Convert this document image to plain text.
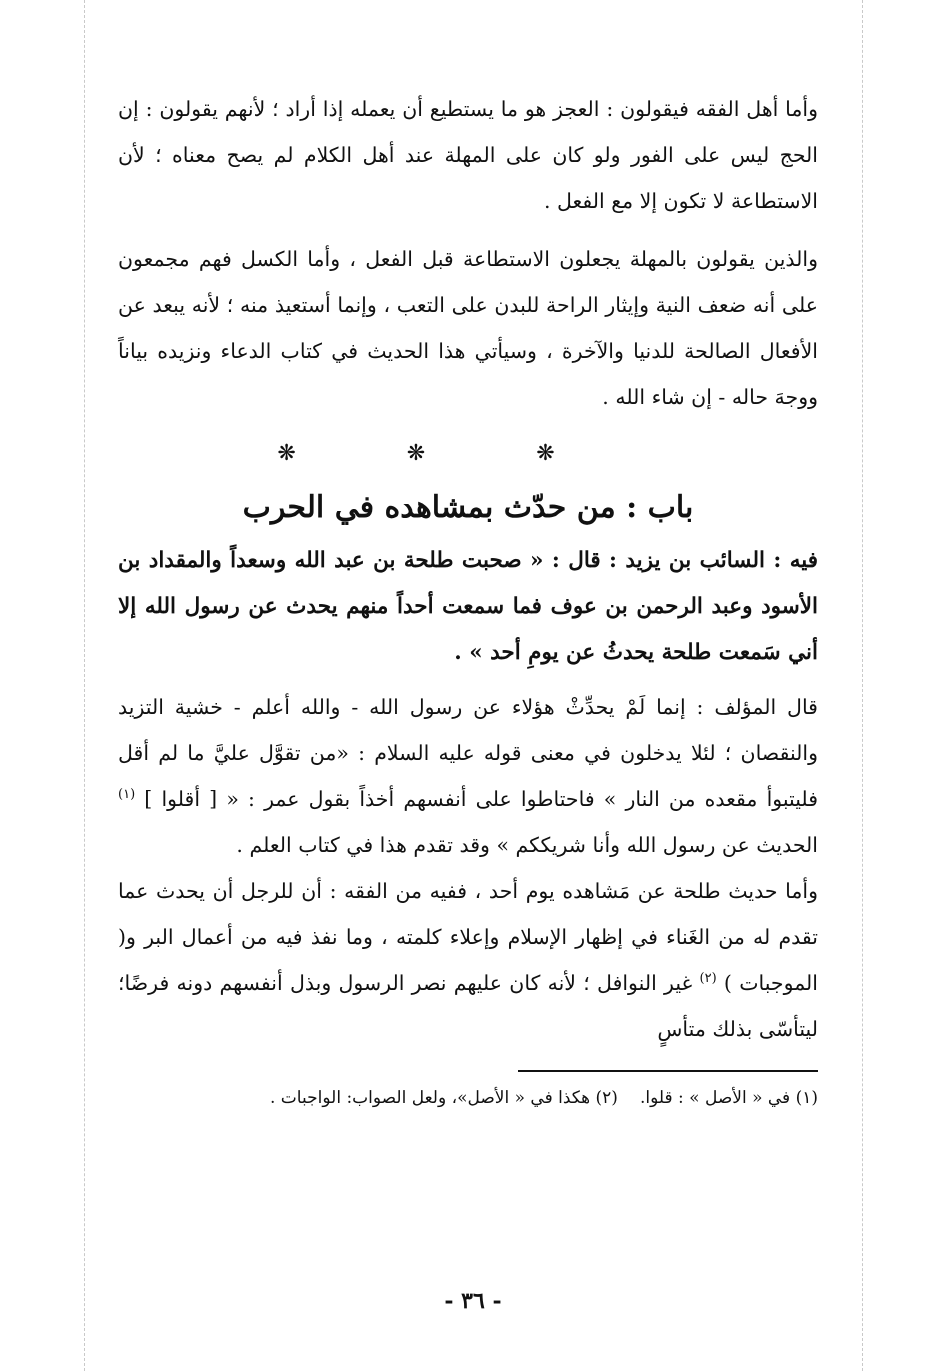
وأما أهل الفقه فيقولون : العجز هو ما يستطيع أن يعمله إذا أراد ؛ لأنهم يقولون : إن الحج ليس على الفور ولو كان على المهلة عند أهل الكلام لم يصح معناه ؛ لأن الاستطاعة لا تكون إلا مع الفعل .

والذين يقولون بالمهلة يجعلون الاستطاعة قبل الفعل ، وأما الكسل فهم مجمعون على أنه ضعف النية وإيثار الراحة للبدن على التعب ، وإنما أستعيذ منه ؛ لأنه يبعد عن الأفعال الصالحة للدنيا والآخرة ، وسيأتي هذا الحديث في كتاب الدعاء ونزيده بياناً ووجهَ حاله - إن شاء الله .

❋ ❋ ❋
باب : من حدّث بمشاهده في الحرب

فيه : السائب بن يزيد : قال : « صحبت طلحة بن عبد الله وسعداً والمقداد بن الأسود وعبد الرحمن بن عوف فما سمعت أحداً منهم يحدث عن رسول الله إلا أني سَمعت طلحة يحدثُ عن يومِ أحد » .

قال المؤلف : إنما لَمْ يحدِّثْ هؤلاء عن رسول الله - والله أعلم - خشية التزيد والنقصان ؛ لئلا يدخلون في معنى قوله عليه السلام : «من تقوَّل عليَّ ما لم أقل فليتبوأ مقعده من النار » فاحتاطوا على أنفسهم أخذاً بقول عمر : « [ أقلوا ] $^{(١)}$ الحديث عن رسول الله وأنا شريككم » وقد تقدم هذا في كتاب العلم .

وأما حديث طلحة عن مَشاهده يوم أحد ، ففيه من الفقه : أن للرجل أن يحدث عما تقدم له من الغَناء في إظهار الإسلام وإعلاء كلمته ، وما نفذ فيه من أعمال البر و( الموجبات ) $^{(٢)}$ غير النوافل ؛ لأنه كان عليهم نصر الرسول وبذل أنفسهم دونه فرضًا؛ ليتأسّى بذلك متأسٍ

(١) في « الأصل » : قلوا.(٢) هكذا في « الأصل»، ولعل الصواب: الواجبات .

- ٣٦ -
